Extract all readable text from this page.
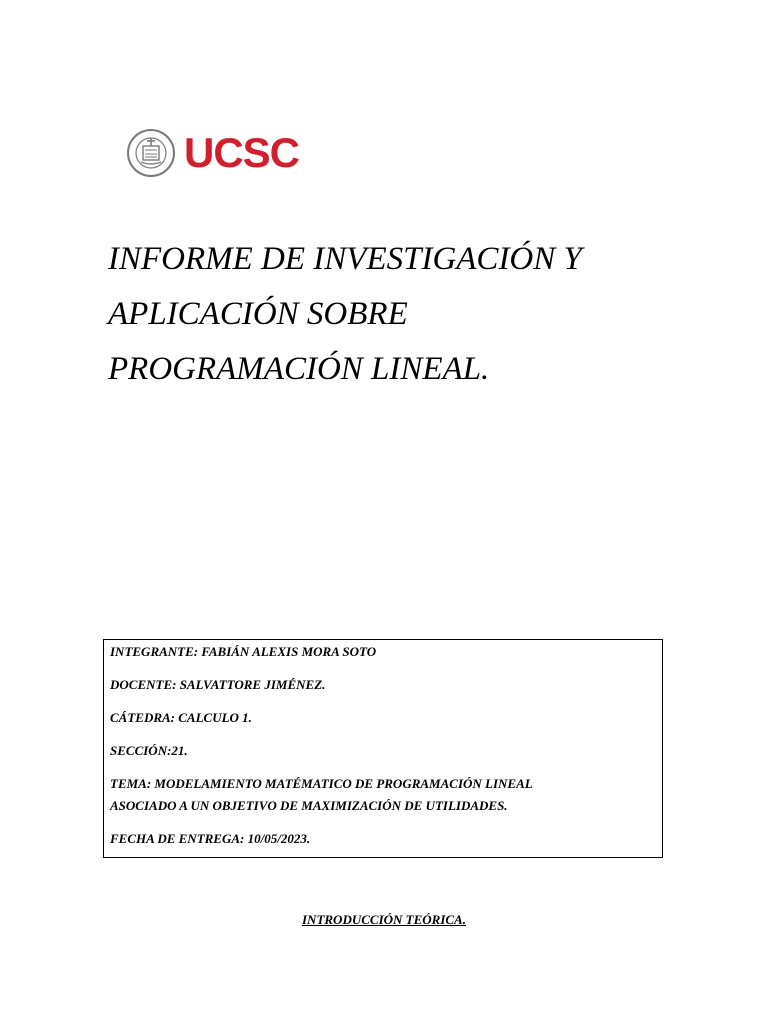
UCSC
INFORME DE INVESTIGACIÓN Y
APLICACIÓN SOBRE
PROGRAMACIÓN LINEAL.

INTEGRANTE: FABIÁN ALEXIS MORA SOTO

DOCENTE: SALVATTORE JIMÉNEZ.

CÁTEDRA: CALCULO 1.

SECCIÓN:21.

TEMA: MODELAMIENTO MATÉMATICO DE PROGRAMACIÓN LINEAL

ASOCIADO A UN OBJETIVO DE MAXIMIZACIÓN DE UTILIDADES.

FECHA DE ENTREGA: 10/05/2023.

INTRODUCCIÓN TEÓRICA.
